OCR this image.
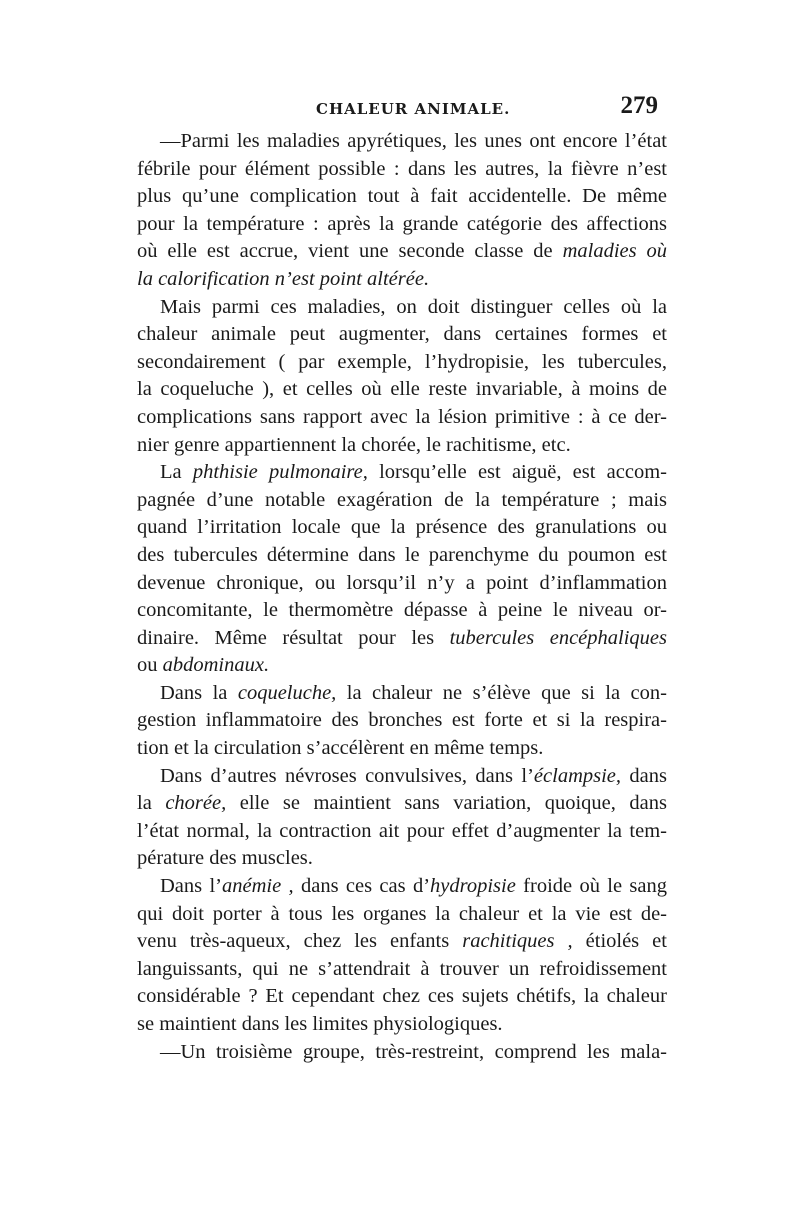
CHALEUR ANIMALE.	279
—Parmi les maladies apyrétiques, les unes ont encore l’état
fébrile pour élément possible : dans les autres, la fièvre n’est
plus qu’une complication tout à fait accidentelle. De même
pour la température : après la grande catégorie des affections
où elle est accrue, vient une seconde classe de maladies où
la calorification n’est point altérée.
Mais parmi ces maladies, on doit distinguer celles où la
chaleur animale peut augmenter, dans certaines formes et
secondairement ( par exemple, l’hydropisie, les tubercules,
la coqueluche ), et celles où elle reste invariable, à moins de
complications sans rapport avec la lésion primitive : à ce der-
nier genre appartiennent la chorée, le rachitisme, etc.
La phthisie pulmonaire, lorsqu’elle est aiguë, est accom-
pagnée d’une notable exagération de la température ; mais
quand l’irritation locale que la présence des granulations ou
des tubercules détermine dans le parenchyme du poumon est
devenue chronique, ou lorsqu’il n’y a point d’inflammation
concomitante, le thermomètre dépasse à peine le niveau or-
dinaire. Même résultat pour les tubercules encéphaliques
ou abdominaux.
Dans la coqueluche, la chaleur ne s’élève que si la con-
gestion inflammatoire des bronches est forte et si la respira-
tion et la circulation s’accélèrent en même temps.
Dans d’autres névroses convulsives, dans l’éclampsie, dans
la chorée, elle se maintient sans variation, quoique, dans
l’état normal, la contraction ait pour effet d’augmenter la tem-
pérature des muscles.
Dans l’anémie , dans ces cas d’hydropisie froide où le sang
qui doit porter à tous les organes la chaleur et la vie est de-
venu très-aqueux, chez les enfants rachitiques , étiolés et
languissants, qui ne s’attendrait à trouver un refroidissement
considérable ? Et cependant chez ces sujets chétifs, la chaleur
se maintient dans les limites physiologiques.
—Un troisième groupe, très-restreint, comprend les mala-
